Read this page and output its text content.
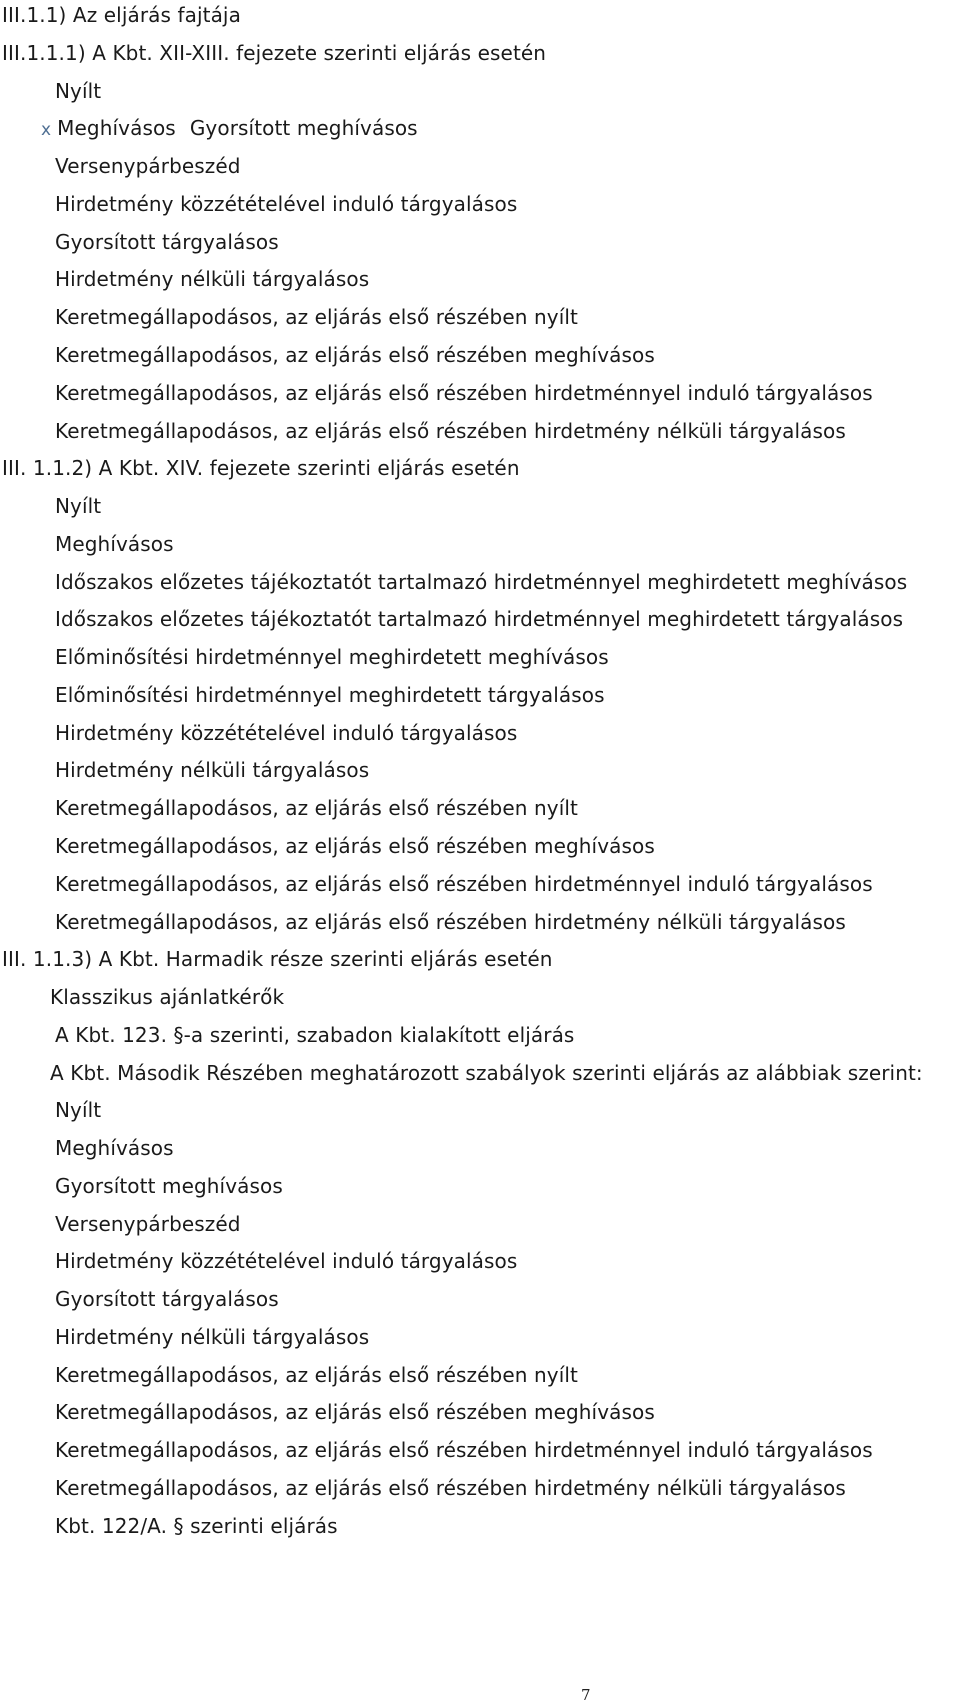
III.1.1) Az eljárás fajtája
III.1.1.1) A Kbt. XII-XIII. fejezete szerinti eljárás esetén
Nyílt
x Meghívásos Gyorsított meghívásos
Versenypárbeszéd
Hirdetmény közzétételével induló tárgyalásos
Gyorsított tárgyalásos
Hirdetmény nélküli tárgyalásos
Keretmegállapodásos, az eljárás első részében nyílt
Keretmegállapodásos, az eljárás első részében meghívásos
Keretmegállapodásos, az eljárás első részében hirdetménnyel induló tárgyalásos
Keretmegállapodásos, az eljárás első részében hirdetmény nélküli tárgyalásos
III. 1.1.2) A Kbt. XIV. fejezete szerinti eljárás esetén
Nyílt
Meghívásos
Időszakos előzetes tájékoztatót tartalmazó hirdetménnyel meghirdetett meghívásos
Időszakos előzetes tájékoztatót tartalmazó hirdetménnyel meghirdetett tárgyalásos
Előminősítési hirdetménnyel meghirdetett meghívásos
Előminősítési hirdetménnyel meghirdetett tárgyalásos
Hirdetmény közzétételével induló tárgyalásos
Hirdetmény nélküli tárgyalásos
Keretmegállapodásos, az eljárás első részében nyílt
Keretmegállapodásos, az eljárás első részében meghívásos
Keretmegállapodásos, az eljárás első részében hirdetménnyel induló tárgyalásos
Keretmegállapodásos, az eljárás első részében hirdetmény nélküli tárgyalásos
III. 1.1.3) A Kbt. Harmadik része szerinti eljárás esetén
Klasszikus ajánlatkérők
A Kbt. 123. §-a szerinti, szabadon kialakított eljárás
A Kbt. Második Részében meghatározott szabályok szerinti eljárás az alábbiak szerint:
Nyílt
Meghívásos
Gyorsított meghívásos
Versenypárbeszéd
Hirdetmény közzétételével induló tárgyalásos
Gyorsított tárgyalásos
Hirdetmény nélküli tárgyalásos
Keretmegállapodásos, az eljárás első részében nyílt
Keretmegállapodásos, az eljárás első részében meghívásos
Keretmegállapodásos, az eljárás első részében hirdetménnyel induló tárgyalásos
Keretmegállapodásos, az eljárás első részében hirdetmény nélküli tárgyalásos
Kbt. 122/A. § szerinti eljárás
7
